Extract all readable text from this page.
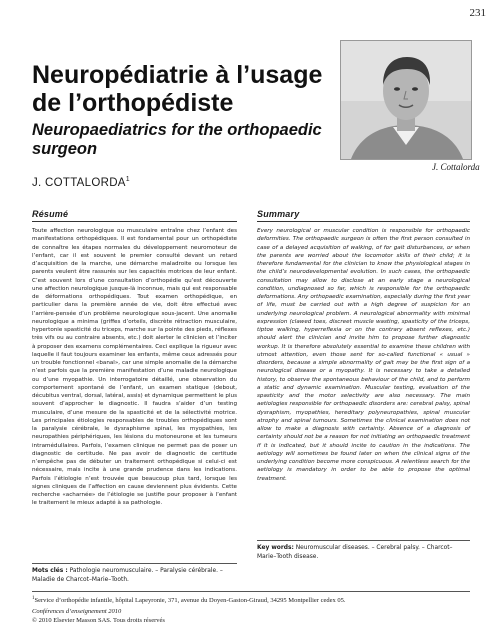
231
Neuropédiatrie à l’usage de l’orthopédiste
Neuropaediatrics for the orthopaedic surgeon
J. COTTALORDA$^1$
J. Cottalorda
Résumé

Toute affection neurologique ou musculaire entraîne chez l’enfant des manifestations orthopédiques. Il est fondamental pour un orthopédiste de connaître les étapes normales du développement neuromoteur de l’enfant, car il est souvent le premier consulté devant un retard d’acquisition de la marche, une démarche maladroite ou lorsque les parents veulent être rassurés sur les capacités motrices de leur enfant. C’est souvent lors d’une consultation d’orthopédie qu’est découverte une affection neurologique jusque-là inconnue, mais qui est responsable de déformations orthopédiques. Tout examen orthopédique, en particulier dans la première année de vie, doit être effectué avec l’arrière-pensée d’un problème neurologique sous-jacent. Une anomalie neurologique a minima (griffes d’orteils, discrète rétraction musculaire, hypertonie spasticité du triceps, marche sur la pointe des pieds, réflexes très vifs ou au contraire absents, etc.) doit alerter le clinicien et l’inciter à proposer des examens complémentaires. Ceci explique la rigueur avec laquelle il faut toujours examiner les enfants, même ceux adressés pour un trouble fonctionnel «banal», car une simple anomalie de la démarche n’est parfois que la première manifestation d’une maladie neurologique ou d’une myopathie. Un interrogatoire détaillé, une observation du comportement spontané de l’enfant, un examen statique (debout, décubitus ventral, dorsal, latéral, assis) et dynamique permettent le plus souvent d’approcher le diagnostic. Il faudra s’aider d’un testing musculaire, d’une mesure de la spasticité et de la sélectivité motrice. Les principales étiologies responsables de troubles orthopédiques sont la paralysie cérébrale, le dysraphisme spinal, les myopathies, les neuropathies périphériques, les lésions du motoneurone et les tumeurs intramédullaires. Parfois, l’examen clinique ne permet pas de poser un diagnostic de certitude. Ne pas avoir de diagnostic de certitude n’empêche pas de débuter un traitement orthopédique si celui-ci est nécessaire, mais incite à une grande prudence dans les indications. Parfois l’étiologie n’est trouvée que beaucoup plus tard, lorsque les signes cliniques de l’affection en cause deviennent plus évidents. Cette recherche «acharnée» de l’étiologie se justifie pour proposer à l’enfant le traitement le mieux adapté à sa pathologie.

Summary

Every neurological or muscular condition is responsible for orthopaedic deformities. The orthopaedic surgeon is often the first person consulted in case of a delayed acquisition of walking, of for gait disturbances, or when the parents are worried about the locomotor skills of their child; it is therefore fundamental for the clinician to know the physiological stages in the child’s neurodevelopmental evolution. In such cases, the orthopaedic consultation may allow to disclose at an early stage a neurological condition, undiagnosed so far, which is responsible for the orthopaedic deformations. Any orthopaedic examination, especially during the first year of life, must be carried out with a high degree of suspicion for an underlying neurological problem. A neurological abnormality with minimal expression (clawed toes, discreet muscle wasting, spasticity of the triceps, tiptoe walking, hyperreflexia or on the contrary absent reflexes, etc.) should alert the clinician and invite him to propose further diagnostic workup. It is therefore absolutely essential to examine these children with utmost attention, even those sent for so-called functional « usual » disorders, because a simple abnormality of gait may be the first sign of a neurological disease or a myopathy. It is necessary to take a detailed history, to observe the spontaneous behaviour of the child, and to perform a static and dynamic examination. Muscular testing, evaluation of the spasticity and the motor selectivity are also necessary. The main aetiologies responsible for orthopaedic disorders are: cerebral palsy, spinal dysraphism, myopathies, hereditary polyneuropathies, spinal muscular atrophy and spinal tumours. Sometimes the clinical examination does not allow to make a diagnosis with certainty. Absence of a diagnosis of certainty should not be a reason for not initiating an orthopaedic treatment if it is indicated, but it should incite to caution in the indications. The aetiology will sometimes be found later on when the clinical signs of the underlying condition become more conspicuous. A relentless search for the aetiology is mandatory in order to be able to propose the optimal treatment.

Mots clés : Pathologie neuromusculaire. – Paralysie cérébrale. – Maladie de Charcot–Marie–Tooth.

Key words: Neuromuscular diseases. – Cerebral palsy. – Charcot–Marie–Tooth disease.

$^1$Service d’orthopédie infantile, hôpital Lapeyronie, 371, avenue du Doyen-Gaston-Giraud, 34295 Montpellier cedex 05.

Conférences d’enseignement 2010

© 2010 Elsevier Masson SAS. Tous droits réservés
